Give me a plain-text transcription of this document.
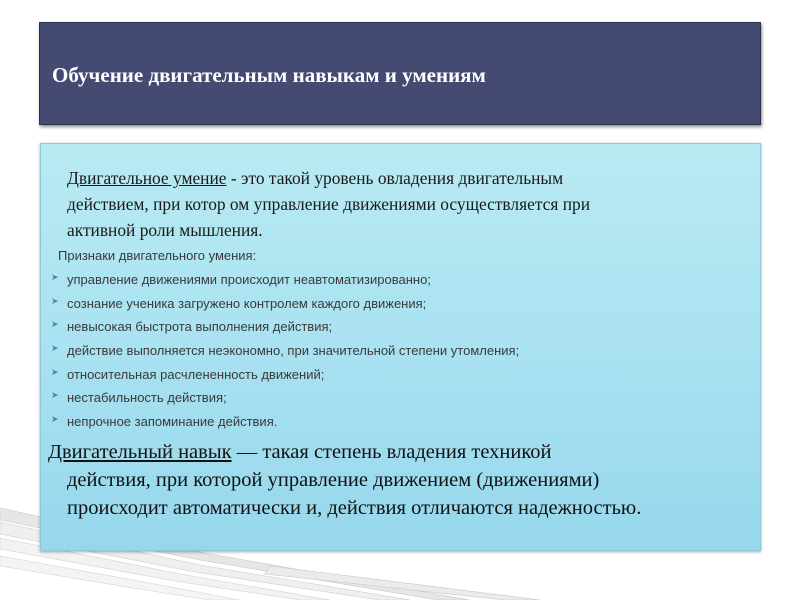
Обучение двигательным навыкам и умениям
Двигательное умение - это такой уровень овладения двигательным
действием, при котор ом управление движениями осуществляется при
активной роли мышления.
Признаки двигательного умения:
➤ управление движениями происходит неавтоматизированно;
➤ сознание ученика загружено контролем каждого движения;
➤ невысокая быстрота выполнения действия;
➤ действие выполняется неэкономно, при значительной степени утомления;
➤ относительная расчлененность движений;
➤ нестабильность действия;
➤ непрочное запоминание действия.
Двигательный навык — такая степень владения техникой
действия, при которой управление движением (движениями)
происходит автоматически и, действия отличаются надежностью.
